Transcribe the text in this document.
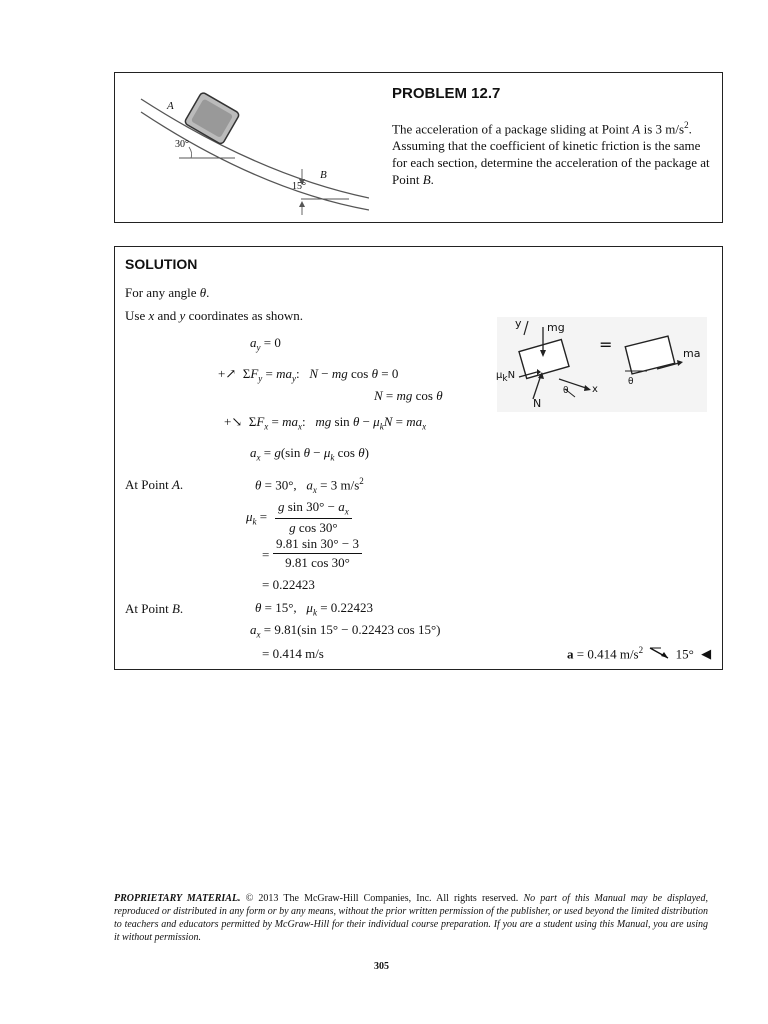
A
30°
B
15°
PROBLEM 12.7
The acceleration of a package sliding at Point A is 3 $m/s^2$. Assuming that the coefficient of kinetic friction is the same for each section, determine the acceleration of the package at Point B.
SOLUTION
For any angle θ.
Use x and y coordinates as shown.
$a_y = 0$
+↗  $\Sigma F_y = ma_y$:   N − mg cos θ = 0
N = mg cos θ
+↘  $\Sigma F_x = ma_x$:   mg $\sin \theta - \mu_kN = ma_x$
$a_x = g(\sin$ $\theta - \mu_k$ cos θ)
At Point A.	θ = 30°,   $a_x = 3$ $m/s^2$
$\mu_k = \frac{g \sin 30^\circ - a_x}{\text{g cos 30°}}$
= $\frac{9.81 \sin 30^\circ - 3}{9.81 \cos 30^\circ}$
= 0.22423
At Point B.	θ = 15°,   $\mu_k = 0.22423$
$a_x = 9.81(\sin$ 15° − 0.22423 cos 15°)
= 0.414 m/s	a = 0.414 $m/s^2$  15° ◀
y mg
$\mu_kN$
N
θ x
=	ma
θ
PROPRIETARY MATERIAL. © 2013 The McGraw-Hill Companies, Inc. All rights reserved. No part of this Manual may be displayed, reproduced or distributed in any form or by any means, without the prior written permission of the publisher, or used beyond the limited distribution to teachers and educators permitted by McGraw-Hill for their individual course preparation. If you are a student using this Manual, you are using it without permission.
305
